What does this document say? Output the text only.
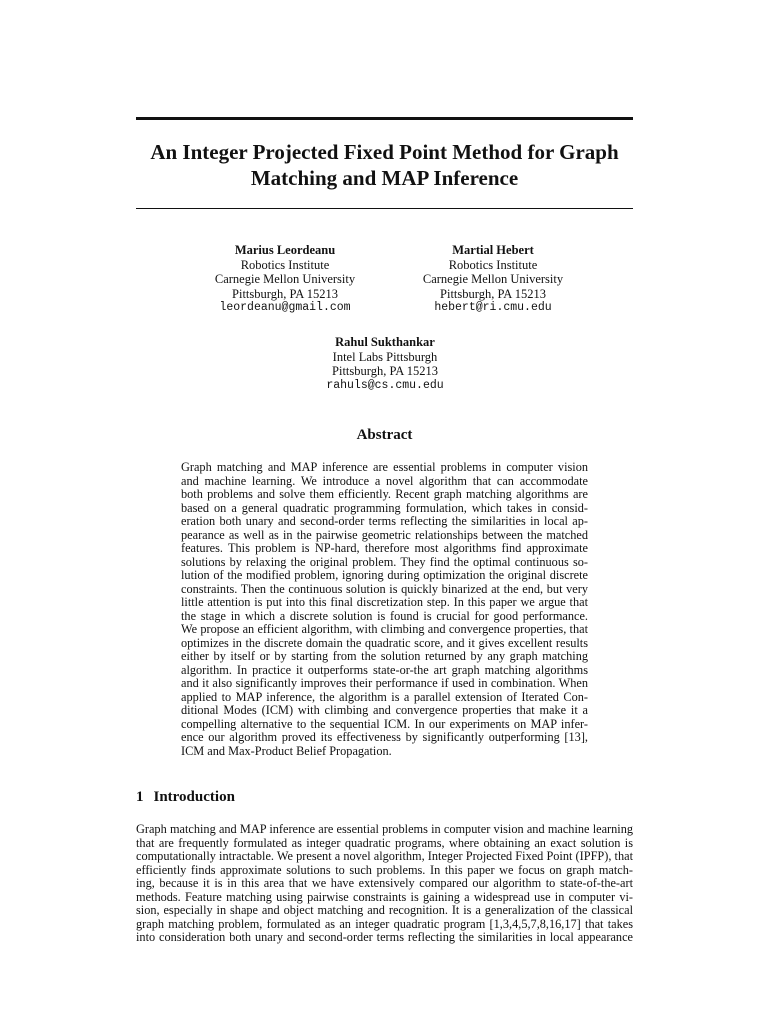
An Integer Projected Fixed Point Method for Graph
Matching and MAP Inference
Marius Leordeanu
Robotics Institute
Carnegie Mellon University
Pittsburgh, PA 15213
leordeanu@gmail.com
Martial Hebert
Robotics Institute
Carnegie Mellon University
Pittsburgh, PA 15213
hebert@ri.cmu.edu
Rahul Sukthankar
Intel Labs Pittsburgh
Pittsburgh, PA 15213
rahuls@cs.cmu.edu
Abstract
Graph matching and MAP inference are essential problems in computer vision
and machine learning. We introduce a novel algorithm that can accommodate
both problems and solve them efficiently. Recent graph matching algorithms are
based on a general quadratic programming formulation, which takes in consid-
eration both unary and second-order terms reflecting the similarities in local ap-
pearance as well as in the pairwise geometric relationships between the matched
features. This problem is NP-hard, therefore most algorithms find approximate
solutions by relaxing the original problem. They find the optimal continuous so-
lution of the modified problem, ignoring during optimization the original discrete
constraints. Then the continuous solution is quickly binarized at the end, but very
little attention is put into this final discretization step. In this paper we argue that
the stage in which a discrete solution is found is crucial for good performance.
We propose an efficient algorithm, with climbing and convergence properties, that
optimizes in the discrete domain the quadratic score, and it gives excellent results
either by itself or by starting from the solution returned by any graph matching
algorithm. In practice it outperforms state-or-the art graph matching algorithms
and it also significantly improves their performance if used in combination. When
applied to MAP inference, the algorithm is a parallel extension of Iterated Con-
ditional Modes (ICM) with climbing and convergence properties that make it a
compelling alternative to the sequential ICM. In our experiments on MAP infer-
ence our algorithm proved its effectiveness by significantly outperforming [13],
ICM and Max-Product Belief Propagation.
1 Introduction
Graph matching and MAP inference are essential problems in computer vision and machine learning
that are frequently formulated as integer quadratic programs, where obtaining an exact solution is
computationally intractable. We present a novel algorithm, Integer Projected Fixed Point (IPFP), that
efficiently finds approximate solutions to such problems. In this paper we focus on graph match-
ing, because it is in this area that we have extensively compared our algorithm to state-of-the-art
methods. Feature matching using pairwise constraints is gaining a widespread use in computer vi-
sion, especially in shape and object matching and recognition. It is a generalization of the classical
graph matching problem, formulated as an integer quadratic program [1,3,4,5,7,8,16,17] that takes
into consideration both unary and second-order terms reflecting the similarities in local appearance
